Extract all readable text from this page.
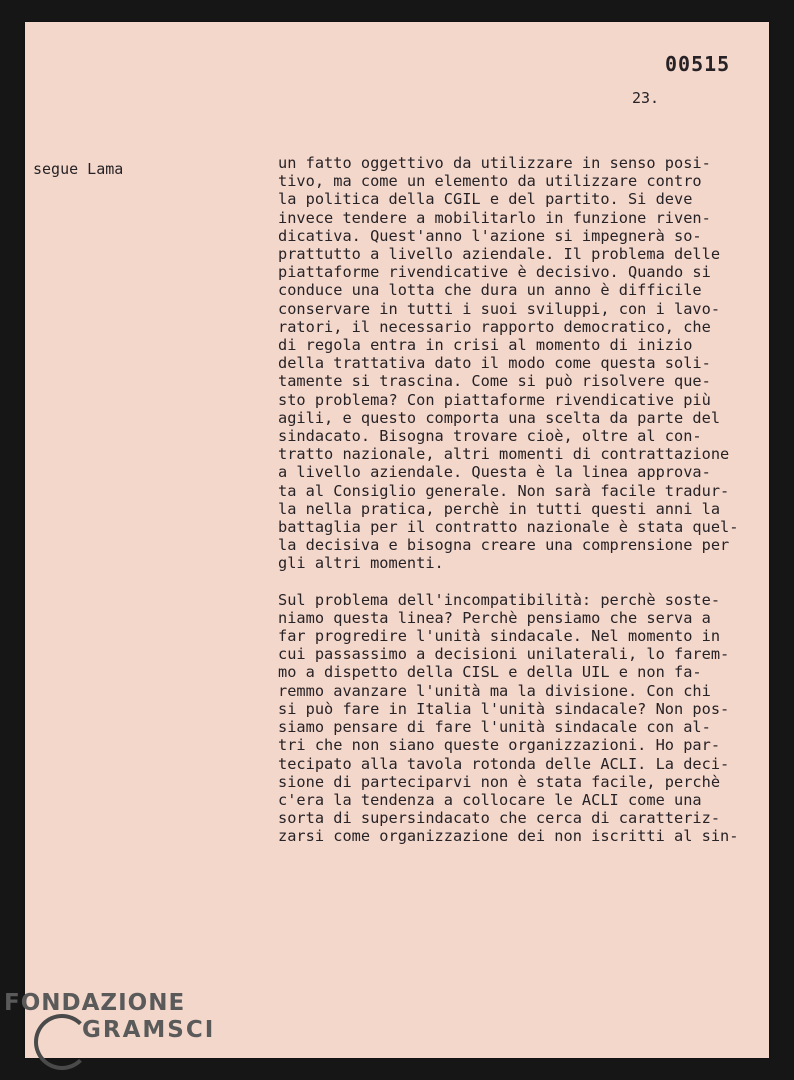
00515
23.
segue Lama	un fatto oggettivo da utilizzare in senso posi-
tivo, ma come un elemento da utilizzare contro
la politica della CGIL e del partito. Si deve
invece tendere a mobilitarlo in funzione riven-
dicativa. Quest'anno l'azione si impegnerà so-
prattutto a livello aziendale. Il problema delle
piattaforme rivendicative è decisivo. Quando si
conduce una lotta che dura un anno è difficile
conservare in tutti i suoi sviluppi, con i lavo-
ratori, il necessario rapporto democratico, che
di regola entra in crisi al momento di inizio
della trattativa dato il modo come questa soli-
tamente si trascina. Come si può risolvere que-
sto problema? Con piattaforme rivendicative più
agili, e questo comporta una scelta da parte del
sindacato. Bisogna trovare cioè, oltre al con-
tratto nazionale, altri momenti di contrattazione
a livello aziendale. Questa è la linea approva-
ta al Consiglio generale. Non sarà facile tradur-
la nella pratica, perchè in tutti questi anni la
battaglia per il contratto nazionale è stata quel-
la decisiva e bisogna creare una comprensione per
gli altri momenti.
Sul problema dell'incompatibilità: perchè soste-
niamo questa linea? Perchè pensiamo che serva a
far progredire l'unità sindacale. Nel momento in
cui passassimo a decisioni unilaterali, lo farem-
mo a dispetto della CISL e della UIL e non fa-
remmo avanzare l'unità ma la divisione. Con chi
si può fare in Italia l'unità sindacale? Non pos-
siamo pensare di fare l'unità sindacale con al-
tri che non siano queste organizzazioni. Ho par-
tecipato alla tavola rotonda delle ACLI. La deci-
sione di parteciparvi non è stata facile, perchè
c'era la tendenza a collocare le ACLI come una
sorta di supersindacato che cerca di caratteriz-
zarsi come organizzazione dei non iscritti al sin-
FONDAZIONE
GRAMSCI
